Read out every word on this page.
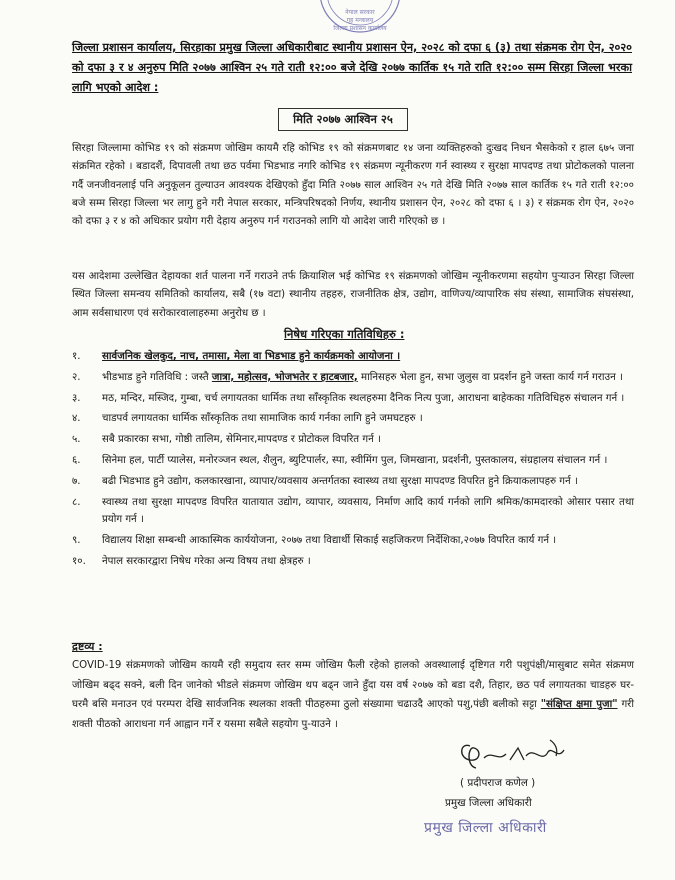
नेपाल सरकार
गृह मन्त्रालय
जिल्ला प्रशासन कार्यालय
जिल्ला प्रशासन कार्यालय, सिरहाका प्रमुख जिल्ला अधिकारीबाट स्थानीय प्रशासन ऐन, २०२८ को दफा ६ (३) तथा संक्रमक रोग ऐन, २०२० को दफा ३ र ४ अनुरुप मिति २०७७ आश्विन २५ गते राती १२:०० बजे देखि २०७७ कार्तिक १५ गते राति १२:०० सम्म सिरहा जिल्ला भरका लागि भएको आदेश :
मिति २०७७ आश्विन २५
सिरहा जिल्लामा कोभिड १९ को संक्रमण जोखिम कायमै रहि कोभिड १९ को संक्रमणबाट १४ जना व्यक्तिहरुको दुःखद निधन भैसकेको र हाल ६७५ जना संक्रमित रहेको । बडादशैं, दिपावली तथा छठ पर्वमा भिडभाड नगरि कोभिड १९ संक्रमण न्यूनीकरण गर्न स्वास्थ्य र सुरक्षा मापदण्ड तथा प्रोटोकलको पालना गर्दै जनजीवनलाई पनि अनुकूलन तुल्याउन आवश्यक देखिएको हुँदा मिति २०७७ साल आश्विन २५ गते देखि मिति २०७७ साल कार्तिक १५ गते राती १२:०० बजे सम्म सिरहा जिल्ला भर लागु हुने गरी नेपाल सरकार, मन्त्रिपरिषदको निर्णय, स्थानीय प्रशासन ऐन, २०२८ को दफा ६ । ३) र संक्रमक रोग ऐन, २०२० को दफा ३ र ४ को अधिकार प्रयोग गरी देहाय अनुरुप गर्न गराउनको लागि यो आदेश जारी गरिएको छ ।
यस आदेशमा उल्लेखित देहायका शर्त पालना गर्ने गराउने तर्फ क्रियाशिल भई कोभिड १९ संक्रमणको जोखिम न्यूनीकरणमा सहयोग पुर्‍याउन सिरहा जिल्ला स्थित जिल्ला समन्वय समितिको कार्यालय, सबै (१७ वटा) स्थानीय तहहरु, राजनीतिक क्षेत्र, उद्योग, वाणिज्य/व्यापारिक संघ संस्था, सामाजिक संघसंस्था, आम सर्वसाधारण एवं सरोकारवालाहरुमा अनुरोध छ ।
निषेध गरिएका गतिविधिहरु :
१.	सार्वजनिक खेलकुद, नाच, तमासा, मेला वा भिडभाड हुने कार्यक्रमको आयोजना ।
२.	भीडभाड हुने गतिविधि : जस्तै जात्रा, महोत्सव, भोजभतेर र हाटबजार, मानिसहरु भेला हुन, सभा जुलुस वा प्रदर्शन हुने जस्ता कार्य गर्न गराउन ।
३.	मठ, मन्दिर, मस्जिद, गुम्बा, चर्च लगायतका धार्मिक तथा साँस्कृतिक स्थलहरुमा दैनिक नित्य पुजा, आराधना बाहेकका गतिविधिहरु संचालन गर्न ।
४.	चाडपर्व लगायतका धार्मिक साँस्कृतिक तथा सामाजिक कार्य गर्नका लागि हुने जमघटहरु ।
५.	सबै प्रकारका सभा, गोष्ठी तालिम, सेमिनार,मापदण्ड र प्रोटोकल विपरित गर्न ।
६.	सिनेमा हल, पार्टी प्यालेस, मनोरञ्जन स्थल, शैलुन, ब्युटिपार्लर, स्पा, स्वीमिंग पुल, जिमखाना, प्रदर्शनी, पुस्तकालय, संग्रहालय संचालन गर्न ।
७.	बढी भिडभाड हुने उद्योग, कलकारखाना, व्यापार/व्यवसाय अन्तर्गतका स्वास्थ्य तथा सुरक्षा मापदण्ड विपरित हुने क्रियाकलापहरु गर्न ।
८.	स्वास्थ्य तथा सुरक्षा मापदण्ड विपरित यातायात उद्योग, व्यापार, व्यवसाय, निर्माण आदि कार्य गर्नको लागि श्रमिक/कामदारको ओसार पसार तथा प्रयोग गर्न ।
९.	विद्यालय शिक्षा सम्बन्धी आकास्मिक कार्ययोजना, २०७७ तथा विद्यार्थी सिकाई सहजिकरण निर्देशिका,२०७७ विपरित कार्य गर्न ।
१०.	नेपाल सरकारद्वारा निषेध गरेका अन्य विषय तथा क्षेत्रहरु ।
द्रष्टव्य :
COVID-19 संक्रमणको जोखिम कायमै रही समुदाय स्तर सम्म जोखिम फैली रहेको हालको अवस्थालाई दृष्टिगत गरी पशुपंक्षी/मासुबाट समेत संक्रमण जोखिम बढ्द सक्ने, बली दिन जानेको भीडले संक्रमण जोखिम थप बढ्न जाने हुँदा यस वर्ष २०७७ को बडा दशै, तिहार, छठ पर्व लगायतका चाडहरु घर-घरमै बसि मनाउन एवं परम्परा देखि सार्वजनिक स्थलका शक्ती पीठहरुमा ठुलो संख्यामा चढाउदै आएको पशु,पंछी बलीको सट्टा "संक्षिप्त क्षमा पुजा" गरी शक्ती पीठको आराधना गर्न आह्वान गर्ने र यसमा सबैले सहयोग पु-याउने ।
( प्रदीपराज कणेल )
प्रमुख जिल्ला अधिकारी
प्रमुख जिल्ला अधिकारी
